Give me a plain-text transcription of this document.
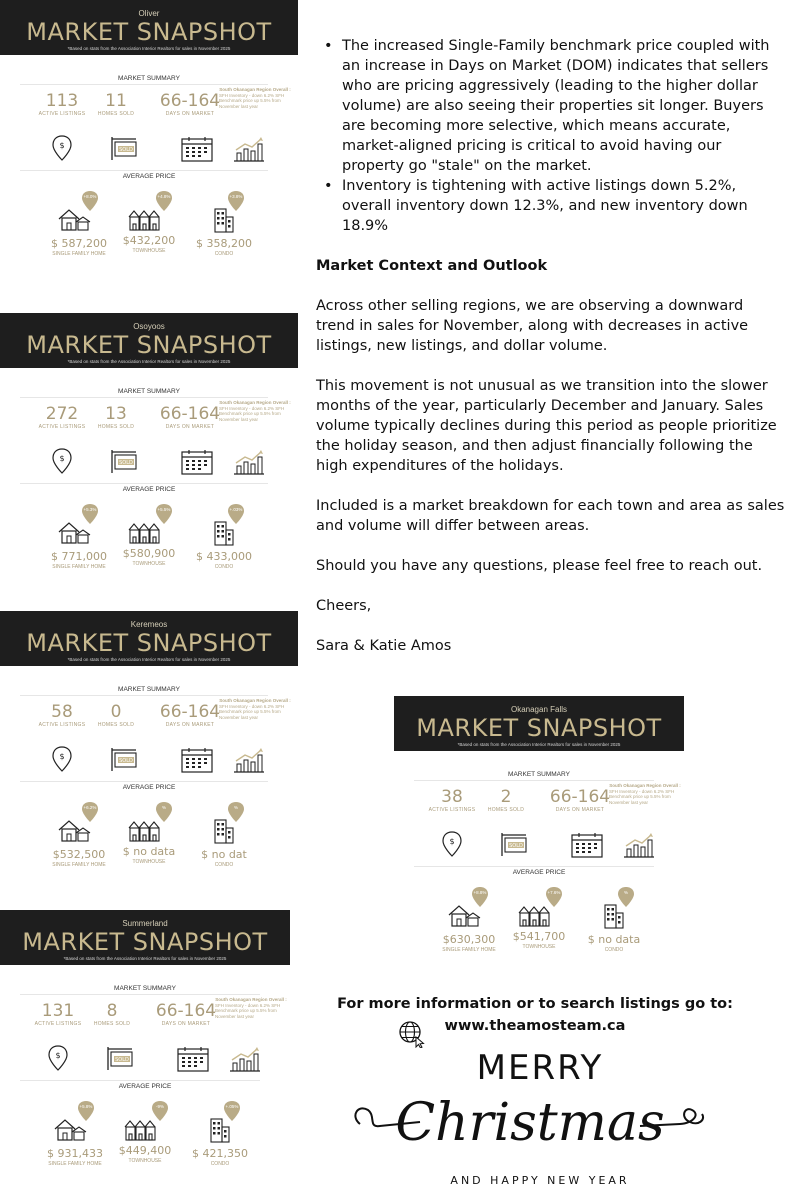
Oliver
MARKET SNAPSHOT
*Based on stats from the Association Interior Realtors for sales in November 2025
MARKET SUMMARY
113
ACTIVE LISTINGS
11
HOMES SOLD
66-164
DAYS ON MARKET
South Okanagan Region Overall :
SFH Inventory - down 6.2% SFH Benchmark price up 5.5% from November last year
$	SOLD
AVERAGE PRICE
+8.0%
$ 587,200
SINGLE FAMILY HOME
+4.8%
$432,200
TOWNHOUSE
+3.8%
$ 358,200
CONDO
Osoyoos
MARKET SNAPSHOT
*Based on stats from the Association Interior Realtors for sales in November 2025
MARKET SUMMARY
272
ACTIVE LISTINGS
13
HOMES SOLD
66-164
DAYS ON MARKET
South Okanagan Region Overall :
SFH Inventory - down 6.2% SFH Benchmark price up 5.5% from November last year
$	SOLD
AVERAGE PRICE
+5.3%
$ 771,000
SINGLE FAMILY HOME
+5.5%
$580,900
TOWNHOUSE
+.03%
$ 433,000
CONDO
Keremeos
MARKET SNAPSHOT
*Based on stats from the Association Interior Realtors for sales in November 2025
MARKET SUMMARY
58
ACTIVE LISTINGS
0
HOMES SOLD
66-164
DAYS ON MARKET
South Okanagan Region Overall :
SFH Inventory - down 6.2% SFH Benchmark price up 5.5% from November last year
$	SOLD
AVERAGE PRICE
+6.2%
$532,500
SINGLE FAMILY HOME
%
$ no data
TOWNHOUSE
%
$ no dat
CONDO
Summerland
MARKET SNAPSHOT
*Based on stats from the Association Interior Realtors for sales in November 2025
MARKET SUMMARY
131
ACTIVE LISTINGS
8
HOMES SOLD
66-164
DAYS ON MARKET
South Okanagan Region Overall :
SFH Inventory - down 6.2% SFH Benchmark price up 5.5% from November last year
$	SOLD
AVERAGE PRICE
+5.8%
$ 931,433
SINGLE FAMILY HOME
-9%
$449,400
TOWNHOUSE
+.05%
$ 421,350
CONDO
Okanagan Falls
MARKET SNAPSHOT
*Based on stats from the Association Interior Realtors for sales in November 2025
MARKET SUMMARY
38
ACTIVE LISTINGS
2
HOMES SOLD
66-164
DAYS ON MARKET
South Okanagan Region Overall :
SFH Inventory - down 6.2% SFH Benchmark price up 5.5% from November last year
$	SOLD
AVERAGE PRICE
+8.8%
$630,300
SINGLE FAMILY HOME
+7.6%
$541,700
TOWNHOUSE
%
$ no data
CONDO
• The increased Single-Family benchmark price coupled with an increase in Days on Market (DOM) indicates that sellers who are pricing aggressively (leading to the higher dollar volume) are also seeing their properties sit longer. Buyers are becoming more selective, which means accurate, market-aligned pricing is critical to avoid having our property go "stale" on the market.
• Inventory is tightening with active listings down 5.2%, overall inventory down 12.3%, and new inventory down 18.9%
Market Context and Outlook
Across other selling regions, we are observing a downward trend in sales for November, along with decreases in active listings, new listings, and dollar volume.
This movement is not unusual as we transition into the slower months of the year, particularly December and January. Sales volume typically declines during this period as people prioritize the holiday season, and then adjust financially following the high expenditures of the holidays.
Included is a market breakdown for each town and area as sales and volume will differ between areas.
Should you have any questions, please feel free to reach out.
Cheers,
Sara & Katie Amos
For more information or to search listings go to:
www.theamosteam.ca
MERRY
Christmas
AND HAPPY NEW YEAR
